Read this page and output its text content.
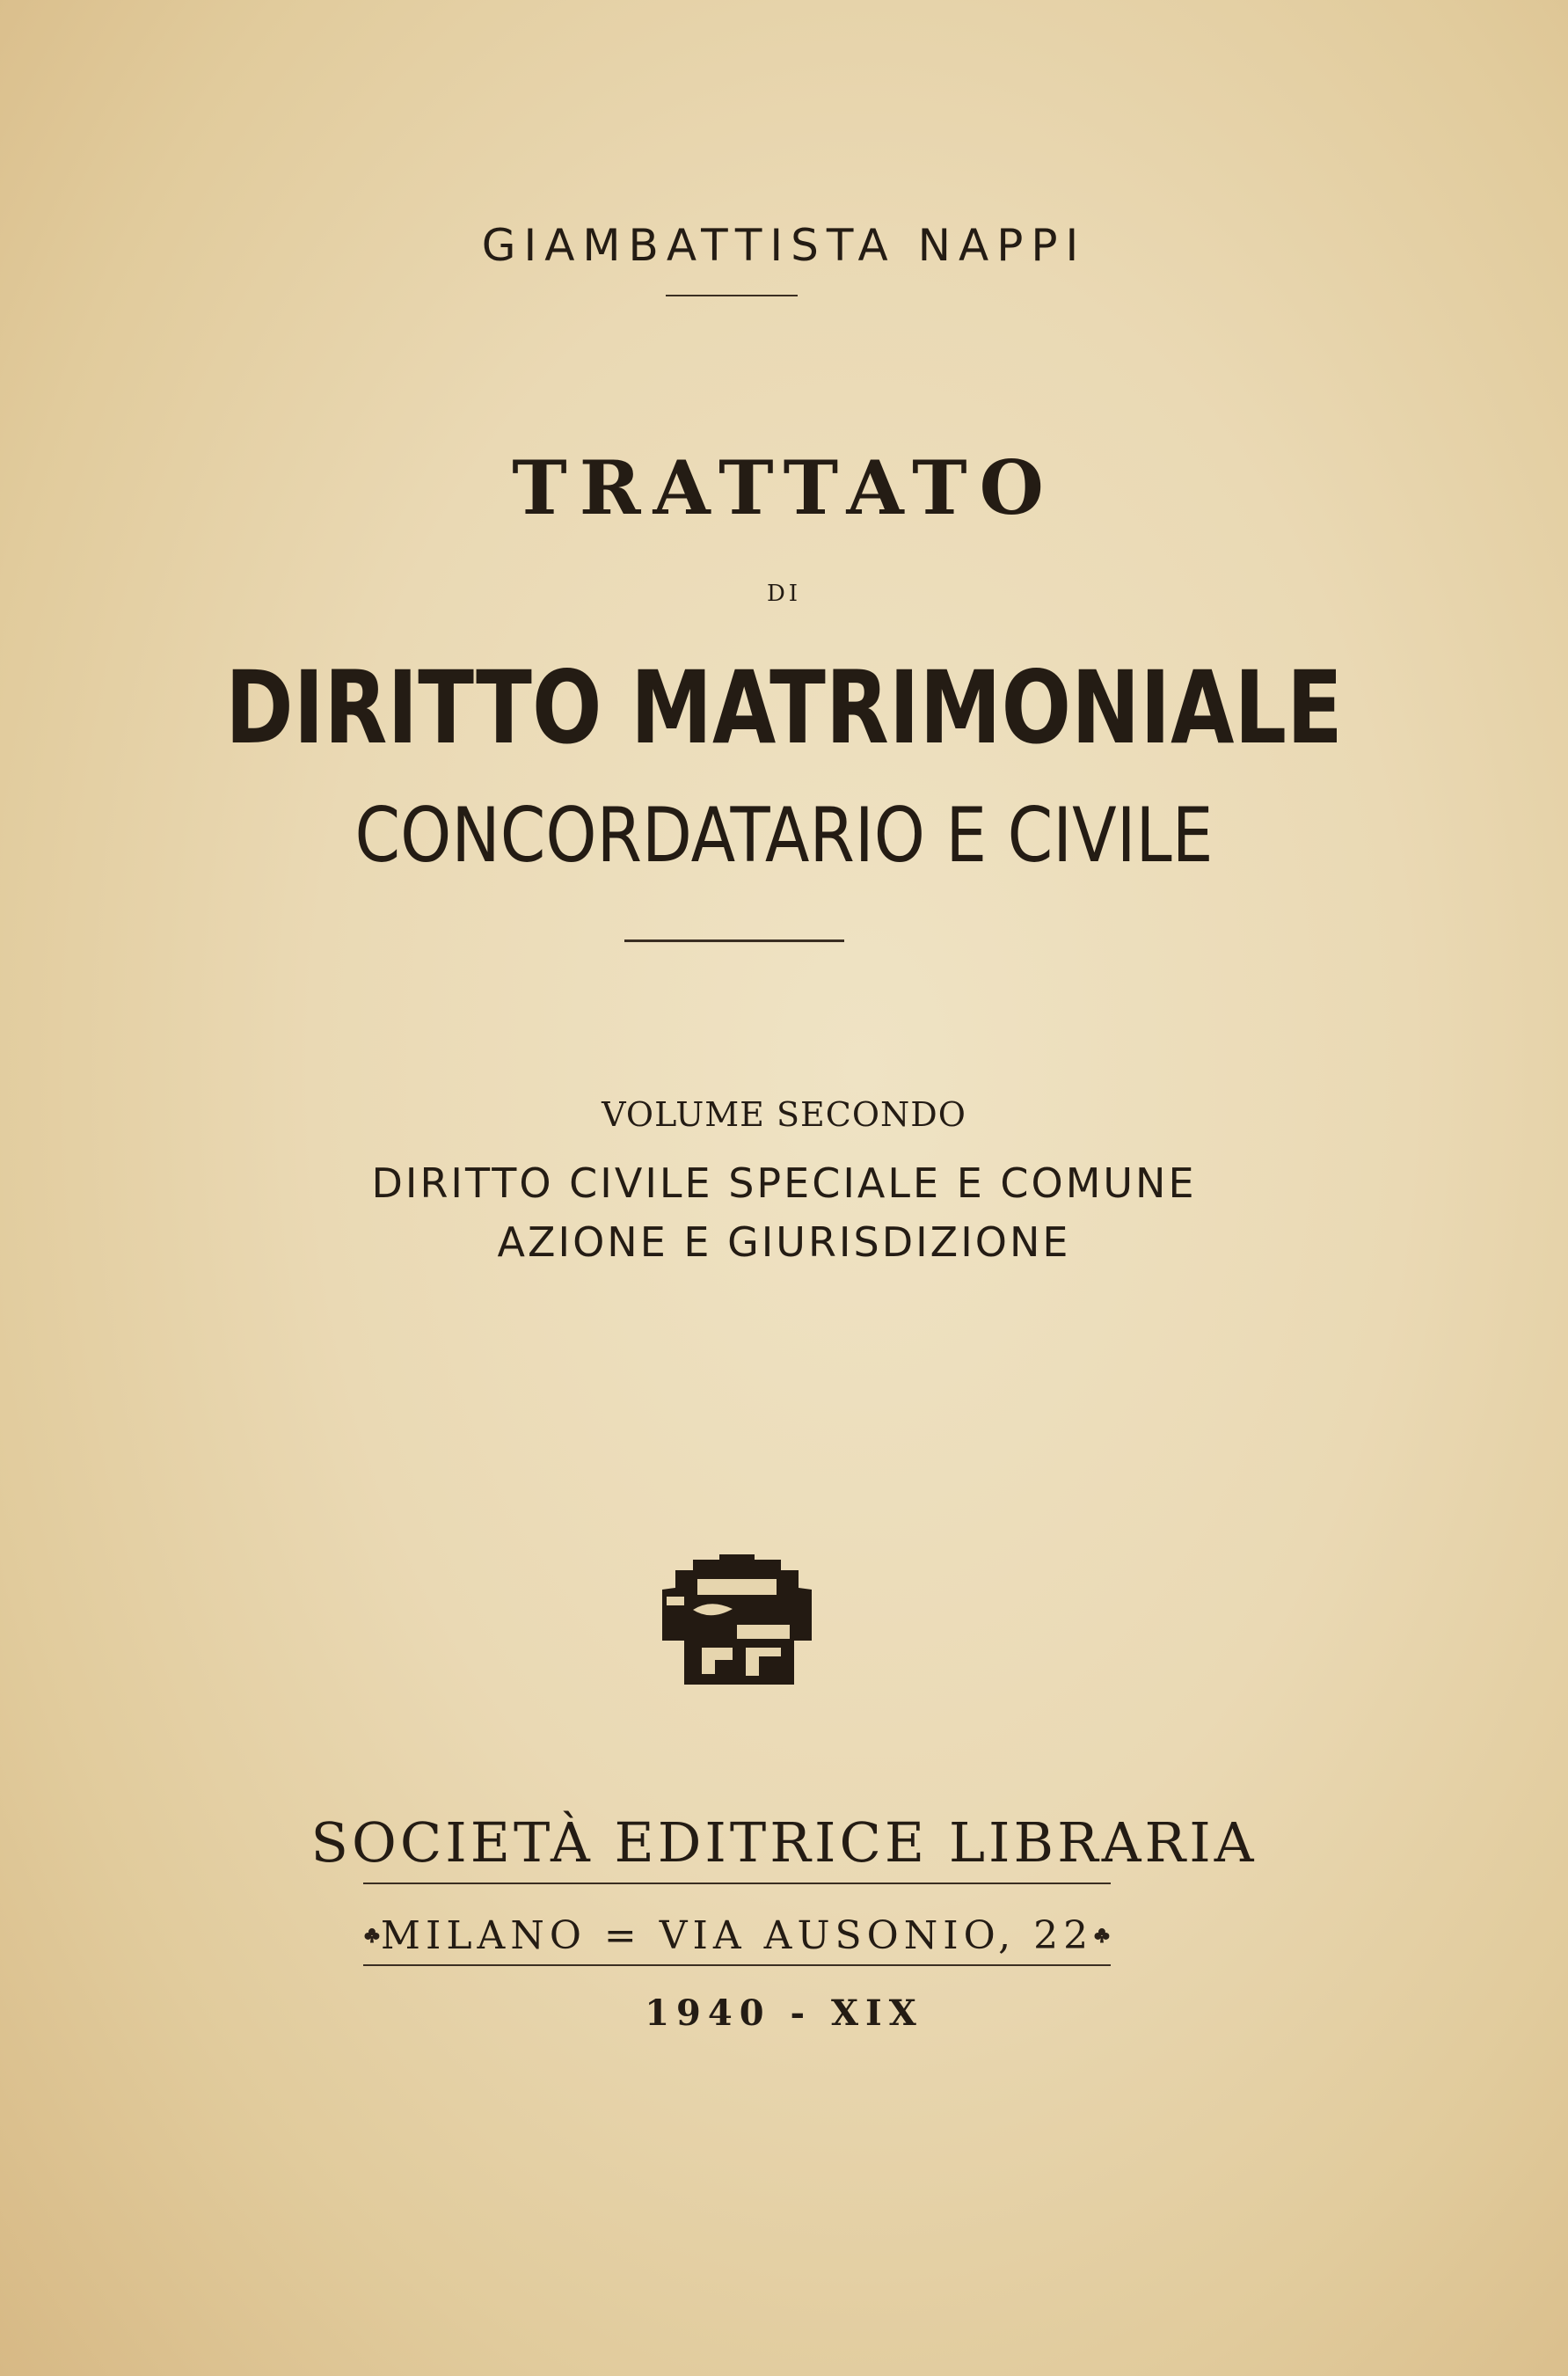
GIAMBATTISTA NAPPI
TRATTATO
DI
DIRITTO MATRIMONIALE
CONCORDATARIO E CIVILE
VOLUME SECONDO
DIRITTO CIVILE SPECIALE E COMUNE
AZIONE E GIURISDIZIONE
SOCIETÀ EDITRICE LIBRARIA
MILANO = VIA AUSONIO, 22
1940 - XIX
